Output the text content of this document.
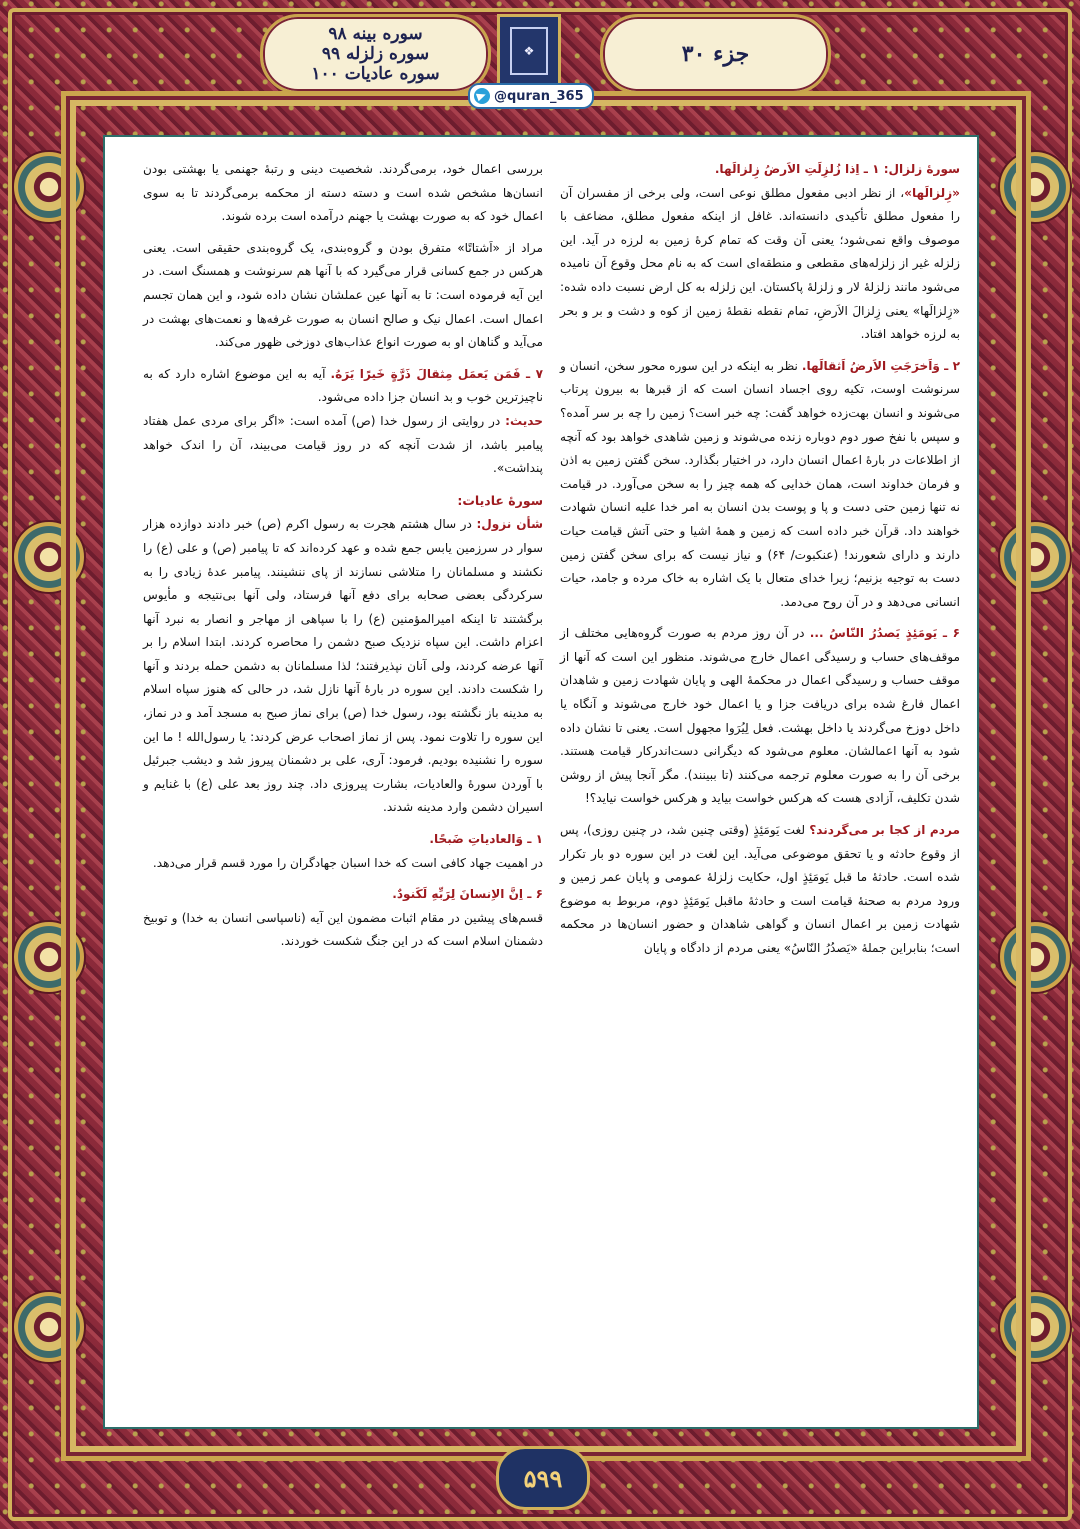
سوره بینه ۹۸
سوره زلزله ۹۹
سوره عادیات ۱۰۰
❖	جزء ۳۰
@quran_365

سورهٔ زلزال: ۱ ـ اِذا زُلزِلَتِ الاَرضُ زِلزالَها.

«زِلزالَها»، از نظر ادبی مفعول مطلق نوعی است، ولی برخی از مفسران آن را مفعول مطلق تأکیدی دانسته‌اند. غافل از اینکه مفعول مطلق، مضاعف با موصوف واقع نمی‌شود؛ یعنی آن وقت که تمام کرهٔ زمین به لرزه در آید. این زلزله غیر از زلزله‌های مقطعی و منطقه‌ای است که به نام محل وقوع آن نامیده می‌شود مانند زلزلهٔ لار و زلزلهٔ پاکستان. این زلزله به کل ارض نسبت داده شده: «زِلزالَها» یعنی زِلزالَ الاَرضِ، تمام نقطه نقطهٔ زمین از کوه و دشت و بر و بحر به لرزه خواهد افتاد.

۲ ـ وَاَخرَجَتِ الاَرضُ اَثقالَها. نظر به اینکه در این سوره محور سخن، انسان و سرنوشت اوست، تکیه روی اجساد انسان است که از قبرها به بیرون پرتاب می‌شوند و انسان بهت‌زده خواهد گفت: چه خبر است؟ زمین را چه بر سر آمده؟ و سپس با نفخ صور دوم دوباره زنده می‌شوند و زمین شاهدی خواهد بود که آنچه از اطلاعات در بارهٔ اعمال انسان دارد، در اختیار بگذارد. سخن گفتن زمین به اذن و فرمان خداوند است، همان خدایی که همه چیز را به سخن می‌آورد. در قیامت نه تنها زمین حتی دست و پا و پوست بدن انسان به امر خدا علیه انسان شهادت خواهند داد. قرآن خبر داده است که زمین و همهٔ اشیا و حتی آتش قیامت حیات دارند و دارای شعورند! (عنکبوت/ ۶۴) و نیاز نیست که برای سخن گفتن زمین دست به توجیه بزنیم؛ زیرا خدای متعال با یک اشاره به خاک مرده و جامد، حیات انسانی می‌دهد و در آن روح می‌دمد.

۶ ـ یَومَئِذٍ یَصدُرُ النّاسُ ... در آن روز مردم به صورت گروه‌هایی مختلف از موقف‌های حساب و رسیدگی اعمال خارج می‌شوند. منظور این است که آنها از موقف حساب و رسیدگی اعمال در محکمهٔ الهی و پایان شهادت زمین و شاهدان اعمال فارغ شده برای دریافت جزا و یا اعمال خود خارج می‌شوند و آنگاه یا داخل دوزخ می‌گردند یا داخل بهشت. فعل لِیُرَوا مجهول است. یعنی تا نشان داده شود به آنها اعمالشان. معلوم می‌شود که دیگرانی دست‌اندرکار قیامت هستند. برخی آن را به صورت معلوم ترجمه می‌کنند (تا ببینند). مگر آنجا پیش از روشن شدن تکلیف، آزادی هست که هرکس خواست بیاید و هرکس خواست نیاید؟!

مردم از کجا بر می‌گردند؟ لغت یَومَئِذٍ (وقتی چنین شد، در چنین روزی)، پس از وقوع حادثه و یا تحقق موضوعی می‌آید. این لغت در این سوره دو بار تکرار شده است. حادثهٔ ما قبل یَومَئِذٍ اول، حکایت زلزلهٔ عمومی و پایان عمر زمین و ورود مردم به صحنهٔ قیامت است و حادثهٔ ماقبل یَومَئِذٍ دوم، مربوط به موضوع شهادت زمین بر اعمال انسان و گواهی شاهدان و حضور انسان‌ها در محکمه است؛ بنابراین جملهٔ «یَصدُرُ النّاسُ» یعنی مردم از دادگاه و پایان

بررسی اعمال خود، برمی‌گردند. شخصیت دینی و رتبهٔ جهنمی یا بهشتی بودن انسان‌ها مشخص شده است و دسته دسته از محکمه برمی‌گردند تا به سوی اعمال خود که به صورت بهشت یا جهنم درآمده است برده شوند.

مراد از «اَشتاتًا» متفرق بودن و گروه‌بندی، یک گروه‌بندی حقیقی است. یعنی هرکس در جمع کسانی قرار می‌گیرد که با آنها هم سرنوشت و همسنگ است. در این آیه فرموده است: تا به آنها عین عملشان نشان داده شود، و این همان تجسم اعمال است. اعمال نیک و صالح انسان به صورت غرفه‌ها و نعمت‌های بهشت در می‌آید و گناهان او به صورت انواع عذاب‌های دوزخی ظهور می‌کند.

۷ ـ فَمَن یَعمَل مِثقالَ ذَرَّةٍ خَیرًا یَرَهُ. آیه به این موضوع اشاره دارد که به ناچیزترین خوب و بد انسان جزا داده می‌شود.

حدیث: در روایتی از رسول خدا (ص) آمده است: «اگر برای مردی عمل هفتاد پیامبر باشد، از شدت آنچه که در روز قیامت می‌بیند، آن را اندک خواهد پنداشت».

سورهٔ عادیات:

شأن نزول: در سال هشتم هجرت به رسول اکرم (ص) خبر دادند دوازده هزار سوار در سرزمین یابس جمع شده و عهد کرده‌اند که تا پیامبر (ص) و علی (ع) را نکشند و مسلمانان را متلاشی نسازند از پای ننشینند. پیامبر عدهٔ زیادی را به سرکردگی بعضی صحابه برای دفع آنها فرستاد، ولی آنها بی‌نتیجه و مأیوس برگشتند تا اینکه امیرالمؤمنین (ع) را با سپاهی از مهاجر و انصار به نبرد آنها اعزام داشت. این سپاه نزدیک صبح دشمن را محاصره کردند. ابتدا اسلام را بر آنها عرضه کردند، ولی آنان نپذیرفتند؛ لذا مسلمانان به دشمن حمله بردند و آنها را شکست دادند. این سوره در بارهٔ آنها نازل شد، در حالی که هنوز سپاه اسلام به مدینه باز نگشته بود، رسول خدا (ص) برای نماز صبح به مسجد آمد و در نماز، این سوره را تلاوت نمود. پس از نماز اصحاب عرض کردند: یا رسول‌الله ! ما این سوره را نشنیده بودیم. فرمود: آری، علی بر دشمنان پیروز شد و دیشب جبرئیل با آوردن سورهٔ والعادیات، بشارت پیروزی داد. چند روز بعد علی (ع) با غنایم و اسیران دشمن وارد مدینه شدند.

۱ ـ وَالعادیاتِ ضَبحًا.

در اهمیت جهاد کافی است که خدا اسبان جهادگران را مورد قسم قرار می‌دهد.

۶ ـ اِنَّ الاِنسانَ لِرَبِّهِ لَکَنودٌ.

قسم‌های پیشین در مقام اثبات مضمون این آیه (ناسپاسی انسان به خدا) و توبیخ دشمنان اسلام است که در این جنگ شکست خوردند.

۵۹۹
